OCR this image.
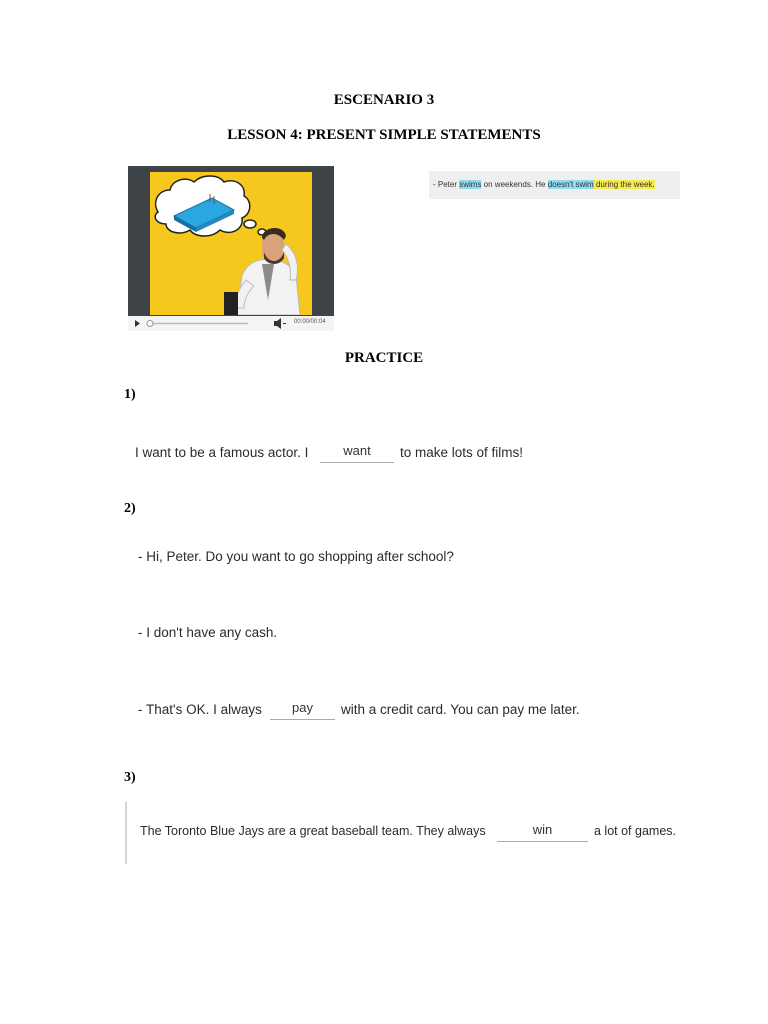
ESCENARIO 3
LESSON 4: PRESENT SIMPLE STATEMENTS
00:00/00:04
- Peter swims on weekends. He doesn't swim during the week.
PRACTICE
1)
I want to be a famous actor. I	want	to make lots of films!
2)
- Hi, Peter. Do you want to go shopping after school?
- I don't have any cash.
- That's OK. I always	pay	with a credit card. You can pay me later.
3)
The Toronto Blue Jays are a great baseball team. They always	win	a lot of games.
